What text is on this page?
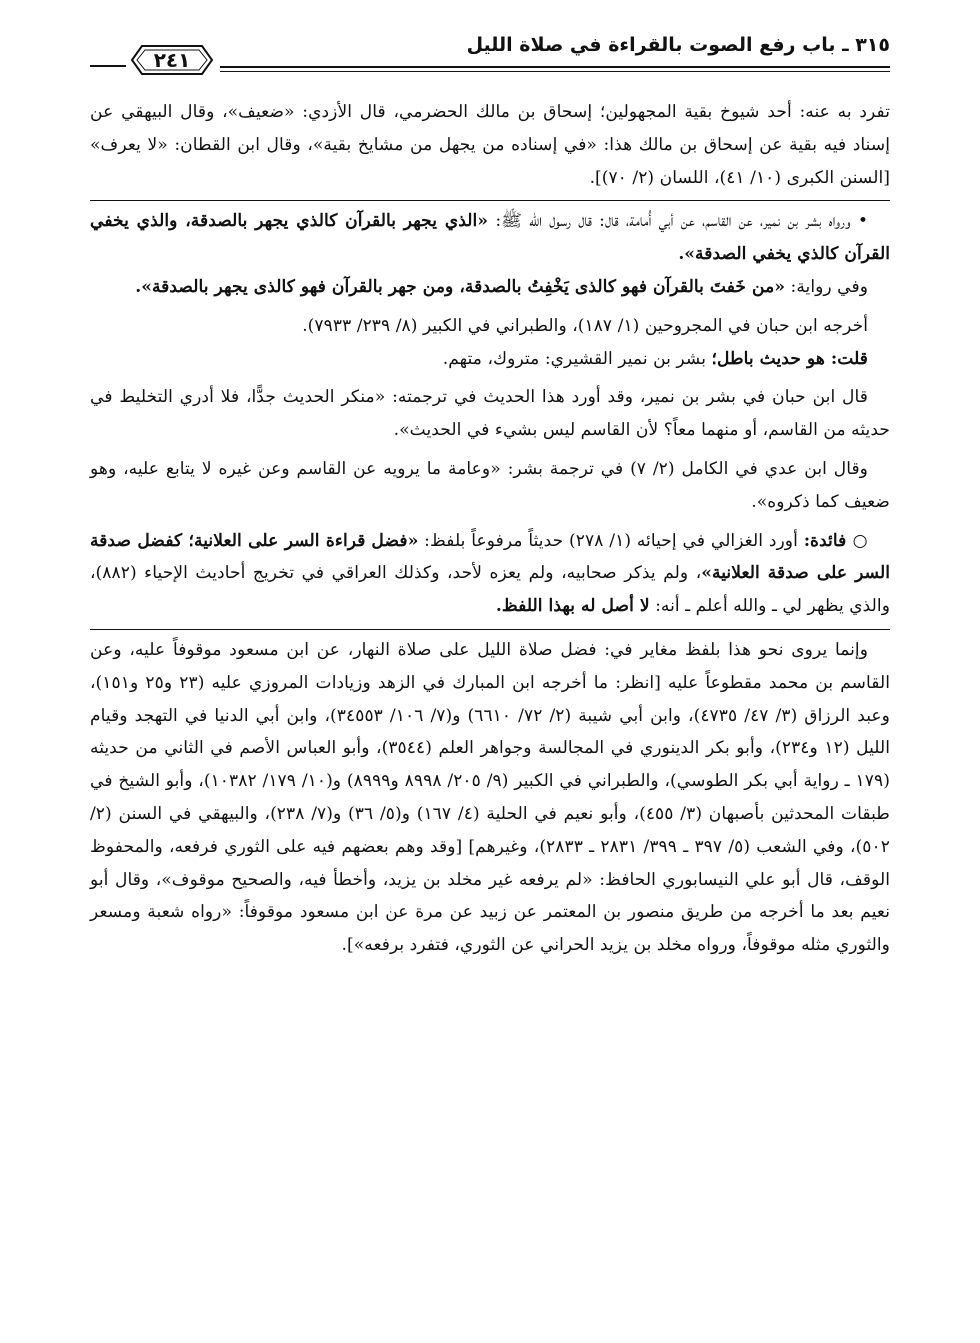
٣١٥ ـ باب رفع الصوت بالقراءة في صلاة الليل
٢٤١

تفرد به عنه: أحد شيوخ بقية المجهولين؛ إسحاق بن مالك الحضرمي، قال الأزدي: «ضعيف»، وقال البيهقي عن إسناد فيه بقية عن إسحاق بن مالك هذا: «في إسناده من يجهل من مشايخ بقية»، وقال ابن القطان: «لا يعرف» [السنن الكبرى (١٠/ ٤١)، اللسان (٢/ ٧٠)].

• ورواه بشر بن نمير، عن القاسم، عن أبي أُمامة، قال: قال رسول الله ﷺ: «الذي يجهر بالقرآن كالذي يجهر بالصدقة، والذي يخفي القرآن كالذي يخفي الصدقة».

وفي رواية: «من خَفتَ بالقرآن فهو كالذى يَخْفِتُ بالصدقة، ومن جهر بالقرآن فهو كالذى يجهر بالصدقة».

أخرجه ابن حبان في المجروحين (١/ ١٨٧)، والطبراني في الكبير (٨/ ٢٣٩/ ٧٩٣٣).

قلت: هو حديث باطل؛ بشر بن نمير القشيري: متروك، متهم.

قال ابن حبان في بشر بن نمير، وقد أورد هذا الحديث في ترجمته: «منكر الحديث جدًّا، فلا أدري التخليط في حديثه من القاسم، أو منهما معاً؟ لأن القاسم ليس بشيء في الحديث».

وقال ابن عدي في الكامل (٢/ ٧) في ترجمة بشر: «وعامة ما يرويه عن القاسم وعن غيره لا يتابع عليه، وهو ضعيف كما ذكروه».

○ فائدة: أورد الغزالي في إحيائه (١/ ٢٧٨) حديثاً مرفوعاً بلفظ: «فضل قراءة السر على العلانية؛ كفضل صدقة السر على صدقة العلانية»، ولم يذكر صحابيه، ولم يعزه لأحد، وكذلك العراقي في تخريج أحاديث الإحياء (٨٨٢)، والذي يظهر لي ـ والله أعلم ـ أنه: لا أصل له بهذا اللفظ.

وإنما يروى نحو هذا بلفظ مغاير في: فضل صلاة الليل على صلاة النهار، عن ابن مسعود موقوفاً عليه، وعن القاسم بن محمد مقطوعاً عليه [انظر: ما أخرجه ابن المبارك في الزهد وزيادات المروزي عليه (٢٣ و٢٥ و١٥١)، وعبد الرزاق (٣/ ٤٧/ ٤٧٣٥)، وابن أبي شيبة (٢/ ٧٢/ ٦٦١٠) و(٧/ ١٠٦/ ٣٤٥٥٣)، وابن أبي الدنيا في التهجد وقيام الليل (١٢ و٢٣٤)، وأبو بكر الدينوري في المجالسة وجواهر العلم (٣٥٤٤)، وأبو العباس الأصم في الثاني من حديثه (١٧٩ ـ رواية أبي بكر الطوسي)، والطبراني في الكبير (٩/ ٢٠٥/ ٨٩٩٨ و٨٩٩٩) و(١٠/ ١٧٩/ ١٠٣٨٢)، وأبو الشيخ في طبقات المحدثين بأصبهان (٣/ ٤٥٥)، وأبو نعيم في الحلية (٤/ ١٦٧) و(٥/ ٣٦) و(٧/ ٢٣٨)، والبيهقي في السنن (٢/ ٥٠٢)، وفي الشعب (٥/ ٣٩٧ ـ ٣٩٩/ ٢٨٣١ ـ ٢٨٣٣)، وغيرهم] [وقد وهم بعضهم فيه على الثوري فرفعه، والمحفوظ الوقف، قال أبو علي النيسابوري الحافظ: «لم يرفعه غير مخلد بن يزيد، وأخطأ فيه، والصحيح موقوف»، وقال أبو نعيم بعد ما أخرجه من طريق منصور بن المعتمر عن زبيد عن مرة عن ابن مسعود موقوفاً: «رواه شعبة ومسعر والثوري مثله موقوفاً، ورواه مخلد بن يزيد الحراني عن الثوري، فتفرد برفعه»].
